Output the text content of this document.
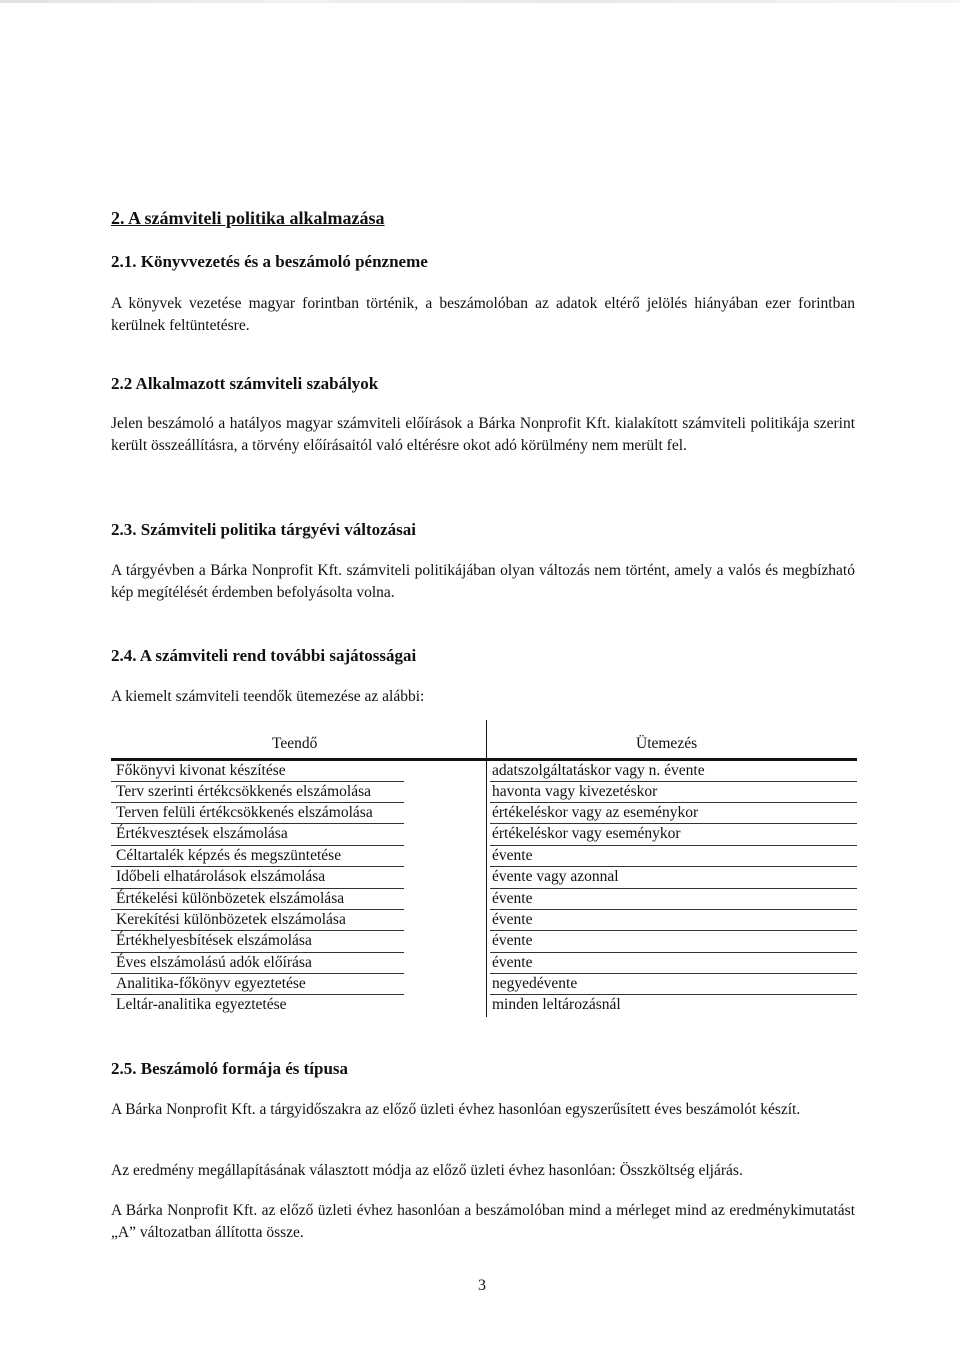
2. A számviteli politika alkalmazása
2.1. Könyvvezetés és a beszámoló pénzneme
A könyvek vezetése magyar forintban történik, a beszámolóban az adatok eltérő jelölés hiányában ezer forintban kerülnek feltüntetésre.
2.2 Alkalmazott számviteli szabályok
Jelen beszámoló a hatályos magyar számviteli előírások a Bárka Nonprofit Kft. kialakított számviteli politikája szerint került összeállításra, a törvény előírásaitól való eltérésre okot adó körülmény nem merült fel.
2.3. Számviteli politika tárgyévi változásai
A tárgyévben a Bárka Nonprofit Kft. számviteli politikájában olyan változás nem történt, amely a valós és megbízható kép megítélését érdemben befolyásolta volna.
2.4. A számviteli rend további sajátosságai
A kiemelt számviteli teendők ütemezése az alábbi:
Teendő	Ütemezés
Főkönyvi kivonat készítése	adatszolgáltatáskor vagy n. évente
Terv szerinti értékcsökkenés elszámolása	havonta vagy kivezetéskor
Terven felüli értékcsökkenés elszámolása	értékeléskor vagy az eseménykor
Értékvesztések elszámolása	értékeléskor vagy eseménykor
Céltartalék képzés és megszüntetése	évente
Időbeli elhatárolások elszámolása	évente vagy azonnal
Értékelési különbözetek elszámolása	évente
Kerekítési különbözetek elszámolása	évente
Értékhelyesbítések elszámolása	évente
Éves elszámolású adók előírása	évente
Analitika-főkönyv egyeztetése	negyedévente
Leltár-analitika egyeztetése	minden leltározásnál
2.5. Beszámoló formája és típusa
A Bárka Nonprofit Kft. a tárgyidőszakra az előző üzleti évhez hasonlóan egyszerűsített éves beszámolót készít.
Az eredmény megállapításának választott módja az előző üzleti évhez hasonlóan: Összköltség eljárás.
A Bárka Nonprofit Kft. az előző üzleti évhez hasonlóan a beszámolóban mind a mérleget mind az eredménykimutatást „A” változatban állította össze.
3
